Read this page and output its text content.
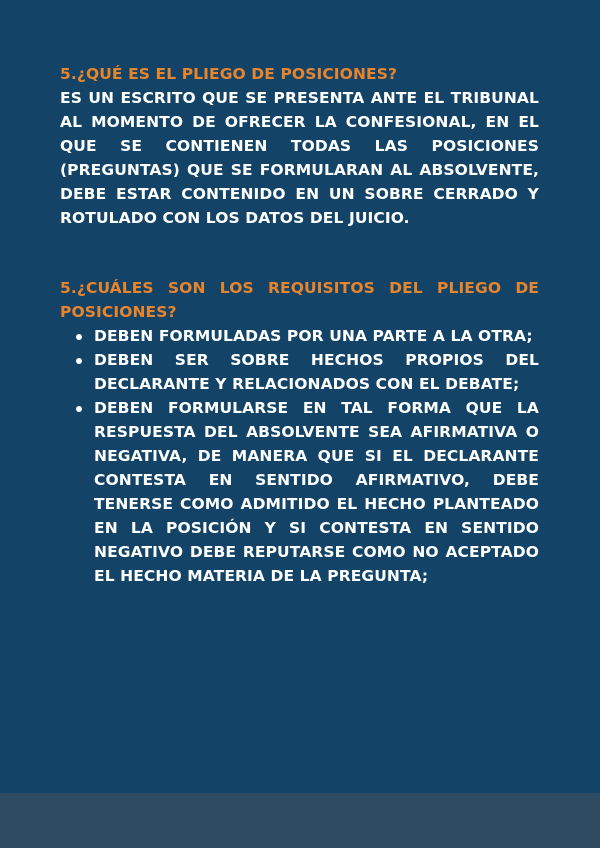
5.¿QUÉ ES EL PLIEGO DE POSICIONES?

ES UN ESCRITO QUE SE PRESENTA ANTE EL TRIBUNAL AL MOMENTO DE OFRECER LA CONFESIONAL, EN EL QUE SE CONTIENEN TODAS LAS POSICIONES (PREGUNTAS) QUE SE FORMULARAN AL ABSOLVENTE, DEBE ESTAR CONTENIDO EN UN SOBRE CERRADO Y ROTULADO CON LOS DATOS DEL JUICIO.

5.¿CUÁLES SON LOS REQUISITOS DEL PLIEGO DE POSICIONES?

DEBEN FORMULADAS POR UNA PARTE A LA OTRA;
DEBEN SER SOBRE HECHOS PROPIOS DEL DECLARANTE Y RELACIONADOS CON EL DEBATE;
DEBEN FORMULARSE EN TAL FORMA QUE LA RESPUESTA DEL ABSOLVENTE SEA AFIRMATIVA O NEGATIVA, DE MANERA QUE SI EL DECLARANTE CONTESTA EN SENTIDO AFIRMATIVO, DEBE TENERSE COMO ADMITIDO EL HECHO PLANTEADO EN LA POSICIÓN Y SI CONTESTA EN SENTIDO NEGATIVO DEBE REPUTARSE COMO NO ACEPTADO EL HECHO MATERIA DE LA PREGUNTA;
